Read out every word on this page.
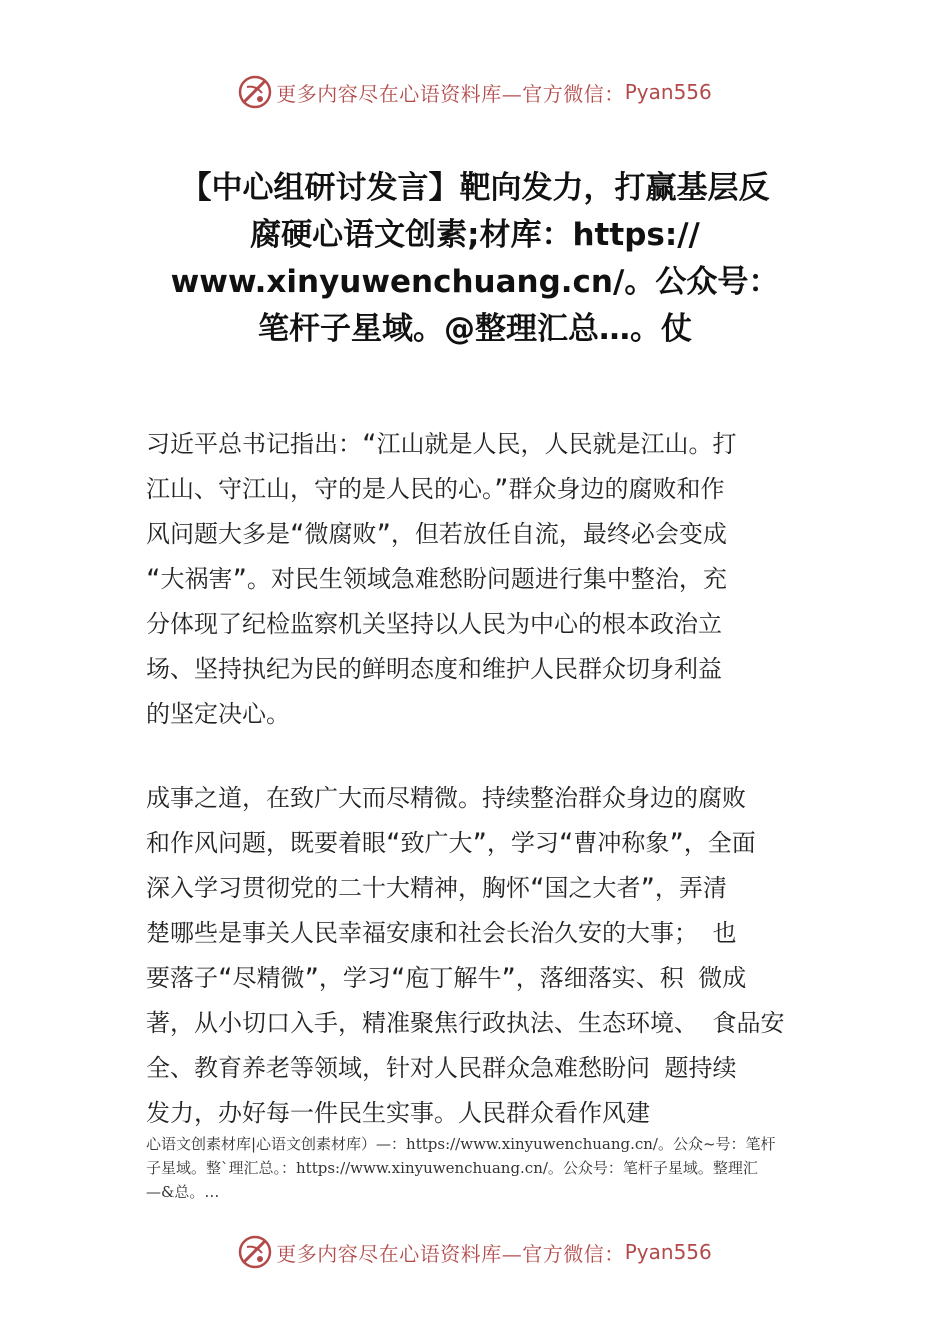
更多内容尽在心语资料库—官方微信： Pyan556
【中心组研讨发言】靶向发力，打赢基层反
腐硬心语文创素;材库：https://
www.xinyuwenchuang.cn/。公众号：
笔杆子星域。@整理汇总…。仗
习近平总书记指出：“江山就是人民，人民就是江山。打
江山、守江山，守的是人民的心。”群众身边的腐败和作
风问题大多是“微腐败”，但若放任自流，最终必会变成
“大祸害”。对民生领域急难愁盼问题进行集中整治，充
分体现了纪检监察机关坚持以人民为中心的根本政治立
场、坚持执纪为民的鲜明态度和维护人民群众切身利益
的坚定决心。
成事之道，在致广大而尽精微。持续整治群众身边的腐败
和作风问题，既要着眼“致广大”，学习“曹冲称象”，全面
深入学习贯彻党的二十大精神，胸怀“国之大者”，弄清
楚哪些是事关人民幸福安康和社会长治久安的大事； 也
要落子“尽精微”，学习“庖丁解牛”，落细落实、积 微成
著，从小切口入手，精准聚焦行政执法、生态环境、 食品安
全、教育养老等领域，针对人民群众急难愁盼问 题持续
发力，办好每一件民生实事。人民群众看作风建
心语文创素材库|心语文创素材库）—：https://www.xinyuwenchuang.cn/。公众~号：笔杆
子星域。整`理汇总。：https://www.xinyuwenchuang.cn/。公众号：笔杆子星域。整理汇
—&总。…
更多内容尽在心语资料库—官方微信： Pyan556
